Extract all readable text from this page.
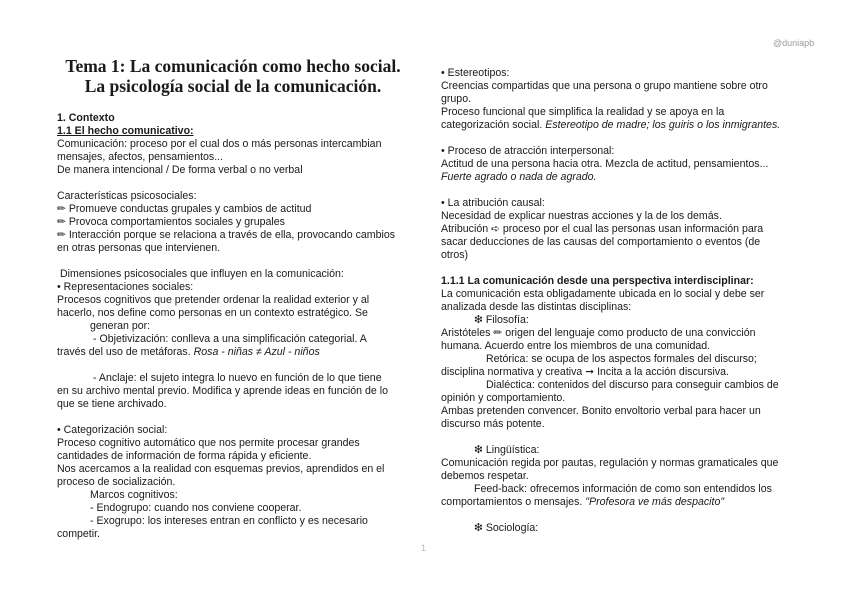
@duniapb
Tema 1: La comunicación como hecho social. La psicología social de la comunicación.

1. Contexto

1.1 El hecho comunicativo:

Comunicación: proceso por el cual dos o más personas intercambian

mensajes, afectos, pensamientos...

De manera intencional / De forma verbal o no verbal

Características psicosociales:

✏ Promueve conductas grupales y cambios de actitud

✏ Provoca comportamientos sociales y grupales

✏ Interacción porque se relaciona a través de ella, provocando cambios

en otras personas que intervienen.

Dimensiones psicosociales que influyen en la comunicación:

• Representaciones sociales:

Procesos cognitivos que pretender ordenar la realidad exterior y al

hacerlo, nos define como personas en un contexto estratégico. Se

generan por:

- Objetivización: conlleva a una simplificación categorial. A

través del uso de metáforas. Rosa - niñas ≠ Azul - niños

- Anclaje: el sujeto integra lo nuevo en función de lo que tiene

en su archivo mental previo. Modifica y aprende ideas en función de lo

que se tiene archivado.

• Categorización social:

Proceso cognitivo automático que nos permite procesar grandes

cantidades de información de forma rápida y eficiente.

Nos acercamos a la realidad con esquemas previos, aprendidos en el

proceso de socialización.

Marcos cognitivos:

- Endogrupo: cuando nos conviene cooperar.

- Exogrupo: los intereses entran en conflicto y es necesario

competir.

• Estereotipos:

Creencias compartidas que una persona o grupo mantiene sobre otro

grupo.

Proceso funcional que simplifica la realidad y se apoya en la

categorización social. Estereotipo de madre; los guiris o los inmigrantes.

• Proceso de atracción interpersonal:

Actitud de una persona hacia otra. Mezcla de actitud, pensamientos...

Fuerte agrado o nada de agrado.

• La atribución causal:

Necesidad de explicar nuestras acciones y la de los demás.

Atribución ➪ proceso por el cual las personas usan información para

sacar deducciones de las causas del comportamiento o eventos (de

otros)

1.1.1 La comunicación desde una perspectiva interdisciplinar:

La comunicación esta obligadamente ubicada en lo social y debe ser

analizada desde las distintas disciplinas:

❇ Filosofía:

Aristóteles ✏ origen del lenguaje como producto de una convicción

humana. Acuerdo entre los miembros de una comunidad.

Retórica: se ocupa de los aspectos formales del discurso;

disciplina normativa y creativa ➞ Incita a la acción discursiva.

Dialéctica: contenidos del discurso para conseguir cambios de

opinión y comportamiento.

Ambas pretenden convencer. Bonito envoltorio verbal para hacer un

discurso más potente.

❇ Lingüística:

Comunicación regida por pautas, regulación y normas gramaticales que

debemos respetar.

Feed-back: ofrecemos información de como son entendidos los

comportamientos o mensajes. "Profesora ve más despacito"

❇ Sociología:

1
